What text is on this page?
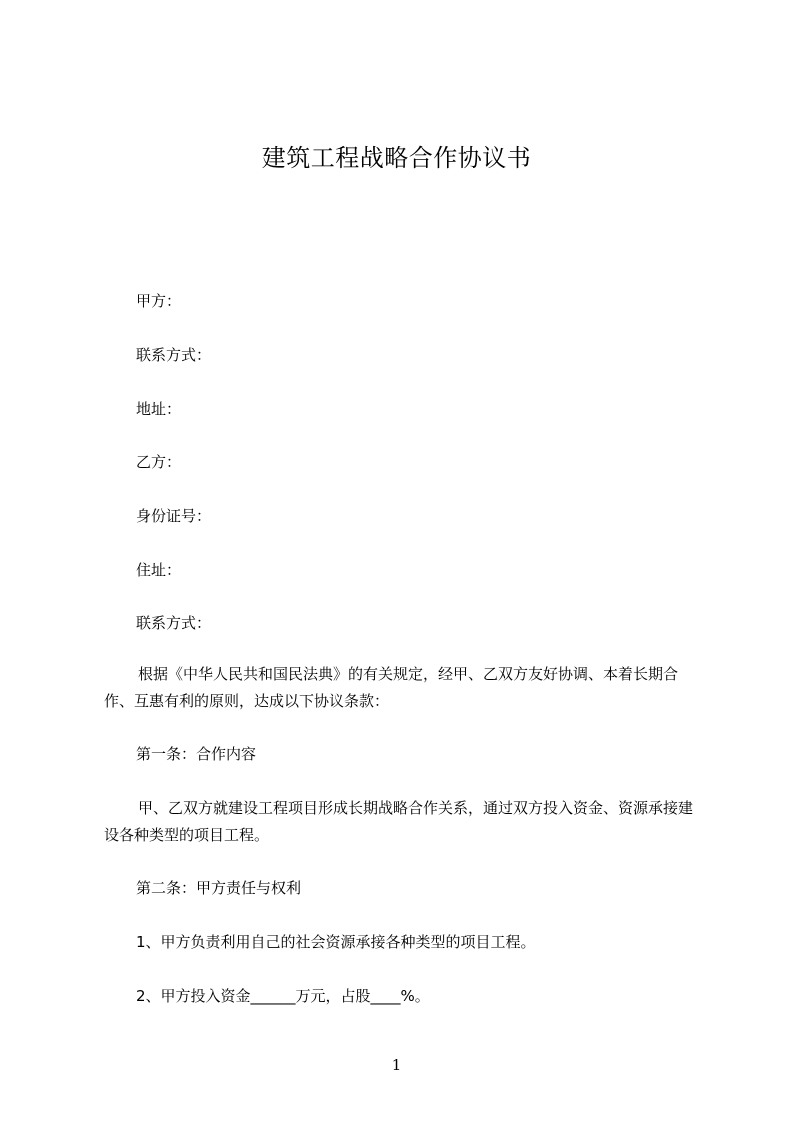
建筑工程战略合作协议书
甲方：
联系方式：
地址：
乙方：
身份证号：
住址：
联系方式：
根据《中华人民共和国民法典》的有关规定，经甲、乙双方友好协调、本着长期合作、互惠有利的原则，达成以下协议条款：
第一条：合作内容
甲、乙双方就建设工程项目形成长期战略合作关系，通过双方投入资金、资源承接建设各种类型的项目工程。
第二条：甲方责任与权利
1、甲方负责利用自己的社会资源承接各种类型的项目工程。
2、甲方投入资金______万元，占股____%。
1
